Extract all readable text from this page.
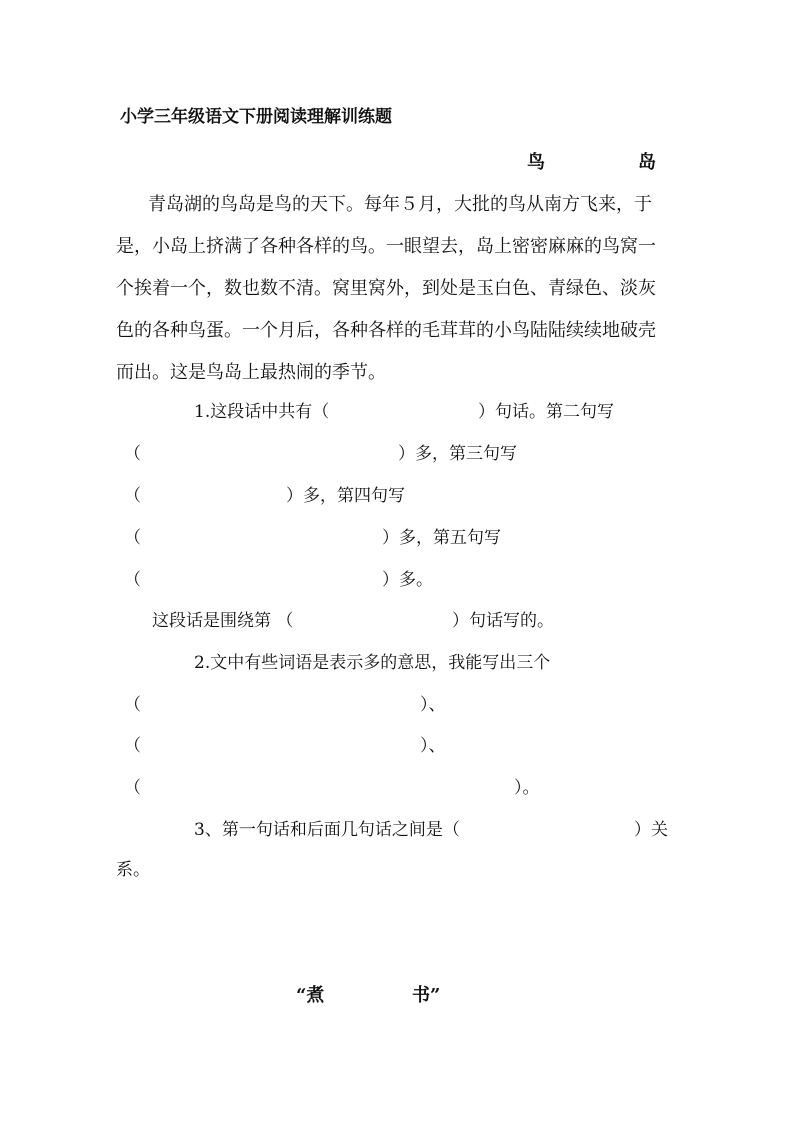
小学三年级语文下册阅读理解训练题
鸟	岛
青岛湖的鸟岛是鸟的天下。每年５月，大批的鸟从南方飞来，于
是，小岛上挤满了各种各样的鸟。一眼望去，岛上密密麻麻的鸟窝一
个挨着一个，数也数不清。窝里窝外，到处是玉白色、青绿色、淡灰
色的各种鸟蛋。一个月后，各种各样的毛茸茸的小鸟陆陆续续地破壳
而出。这是鸟岛上最热闹的季节。
1.这段话中共有（	）句话。第二句写
（	）多，第三句写
（	）多，第四句写
（	）多，第五句写
（	）多。
这段话是围绕第 （	）句话写的。
2.文中有些词语是表示多的意思，我能写出三个
（	）、
（	）、
（	）。
3、第一句话和后面几句话之间是（	）关
系。
“煮	书”
